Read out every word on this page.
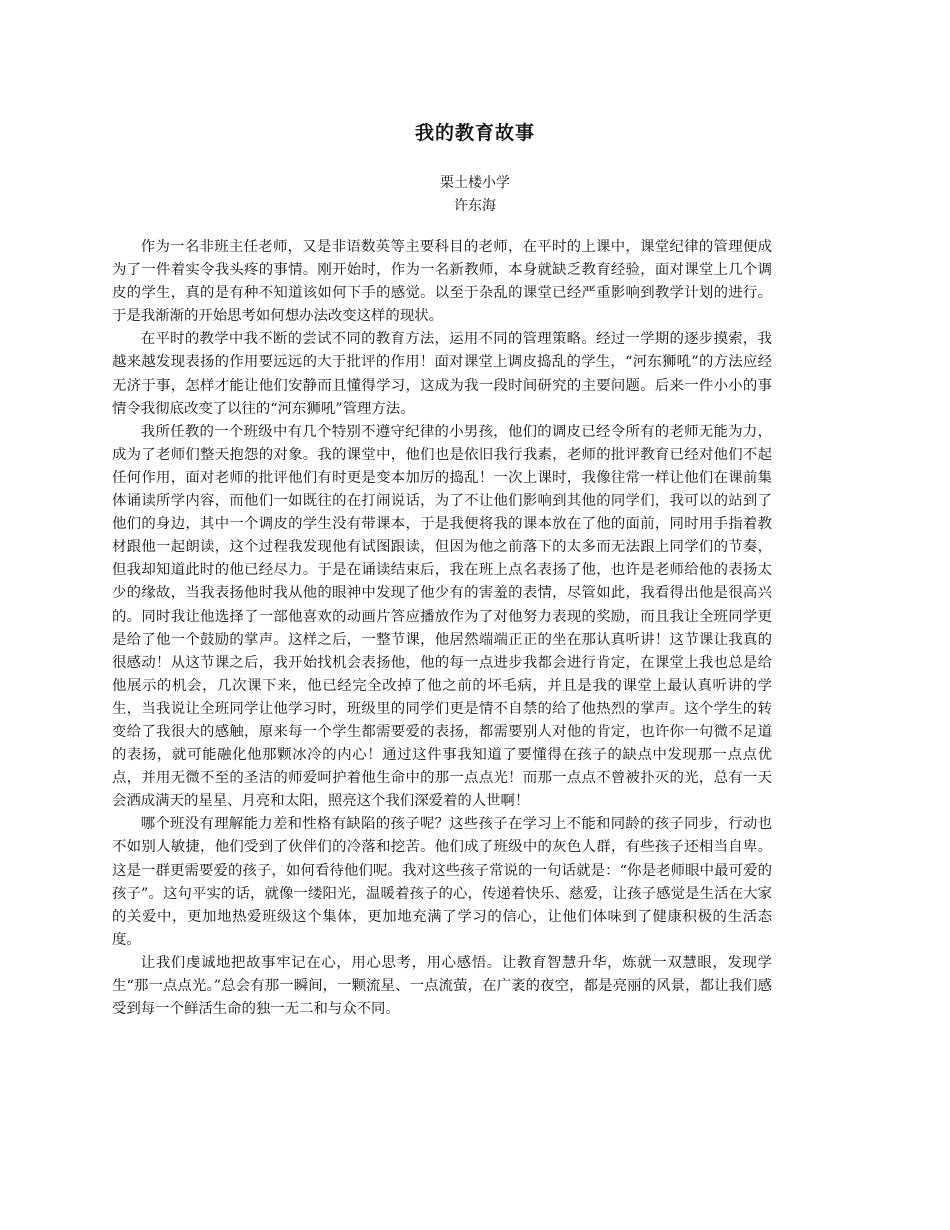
我的教育故事
栗土楼小学
许东海

作为一名非班主任老师，又是非语数英等主要科目的老师，在平时的上课中，课堂纪律的管理便成为了一件着实令我头疼的事情。刚开始时，作为一名新教师，本身就缺乏教育经验，面对课堂上几个调皮的学生，真的是有种不知道该如何下手的感觉。以至于杂乱的课堂已经严重影响到教学计划的进行。于是我渐渐的开始思考如何想办法改变这样的现状。

在平时的教学中我不断的尝试不同的教育方法，运用不同的管理策略。经过一学期的逐步摸索，我越来越发现表扬的作用要远远的大于批评的作用！面对课堂上调皮捣乱的学生，“河东狮吼”的方法应经无济于事，怎样才能让他们安静而且懂得学习，这成为我一段时间研究的主要问题。后来一件小小的事情令我彻底改变了以往的“河东狮吼”管理方法。

我所任教的一个班级中有几个特别不遵守纪律的小男孩，他们的调皮已经令所有的老师无能为力，成为了老师们整天抱怨的对象。我的课堂中，他们也是依旧我行我素，老师的批评教育已经对他们不起任何作用，面对老师的批评他们有时更是变本加厉的捣乱！一次上课时，我像往常一样让他们在课前集体诵读所学内容，而他们一如既往的在打闹说话，为了不让他们影响到其他的同学们，我可以的站到了他们的身边，其中一个调皮的学生没有带课本，于是我便将我的课本放在了他的面前，同时用手指着教材跟他一起朗读，这个过程我发现他有试图跟读，但因为他之前落下的太多而无法跟上同学们的节奏，但我却知道此时的他已经尽力。于是在诵读结束后，我在班上点名表扬了他，也许是老师给他的表扬太少的缘故，当我表扬他时我从他的眼神中发现了他少有的害羞的表情，尽管如此，我看得出他是很高兴的。同时我让他选择了一部他喜欢的动画片答应播放作为了对他努力表现的奖励，而且我让全班同学更是给了他一个鼓励的掌声。这样之后，一整节课，他居然端端正正的坐在那认真听讲！这节课让我真的很感动！从这节课之后，我开始找机会表扬他，他的每一点进步我都会进行肯定，在课堂上我也总是给他展示的机会，几次课下来，他已经完全改掉了他之前的坏毛病，并且是我的课堂上最认真听讲的学生，当我说让全班同学让他学习时，班级里的同学们更是情不自禁的给了他热烈的掌声。这个学生的转变给了我很大的感触，原来每一个学生都需要爱的表扬，都需要别人对他的肯定，也许你一句微不足道的表扬，就可能融化他那颗冰冷的内心！通过这件事我知道了要懂得在孩子的缺点中发现那一点点优点，并用无微不至的圣洁的师爱呵护着他生命中的那一点点光！而那一点点不曾被扑灭的光，总有一天会洒成满天的星星、月亮和太阳，照亮这个我们深爱着的人世啊！

哪个班没有理解能力差和性格有缺陷的孩子呢？这些孩子在学习上不能和同龄的孩子同步，行动也不如别人敏捷，他们受到了伙伴们的冷落和挖苦。他们成了班级中的灰色人群，有些孩子还相当自卑。这是一群更需要爱的孩子，如何看待他们呢。我对这些孩子常说的一句话就是：“你是老师眼中最可爱的孩子”。这句平实的话，就像一缕阳光，温暖着孩子的心，传递着快乐、慈爱，让孩子感觉是生活在大家的关爱中，更加地热爱班级这个集体，更加地充满了学习的信心，让他们体味到了健康积极的生活态度。

让我们虔诚地把故事牢记在心，用心思考，用心感悟。让教育智慧升华，炼就一双慧眼，发现学生“那一点点光。”总会有那一瞬间，一颗流星、一点流萤，在广袤的夜空，都是亮丽的风景，都让我们感受到每一个鲜活生命的独一无二和与众不同。
